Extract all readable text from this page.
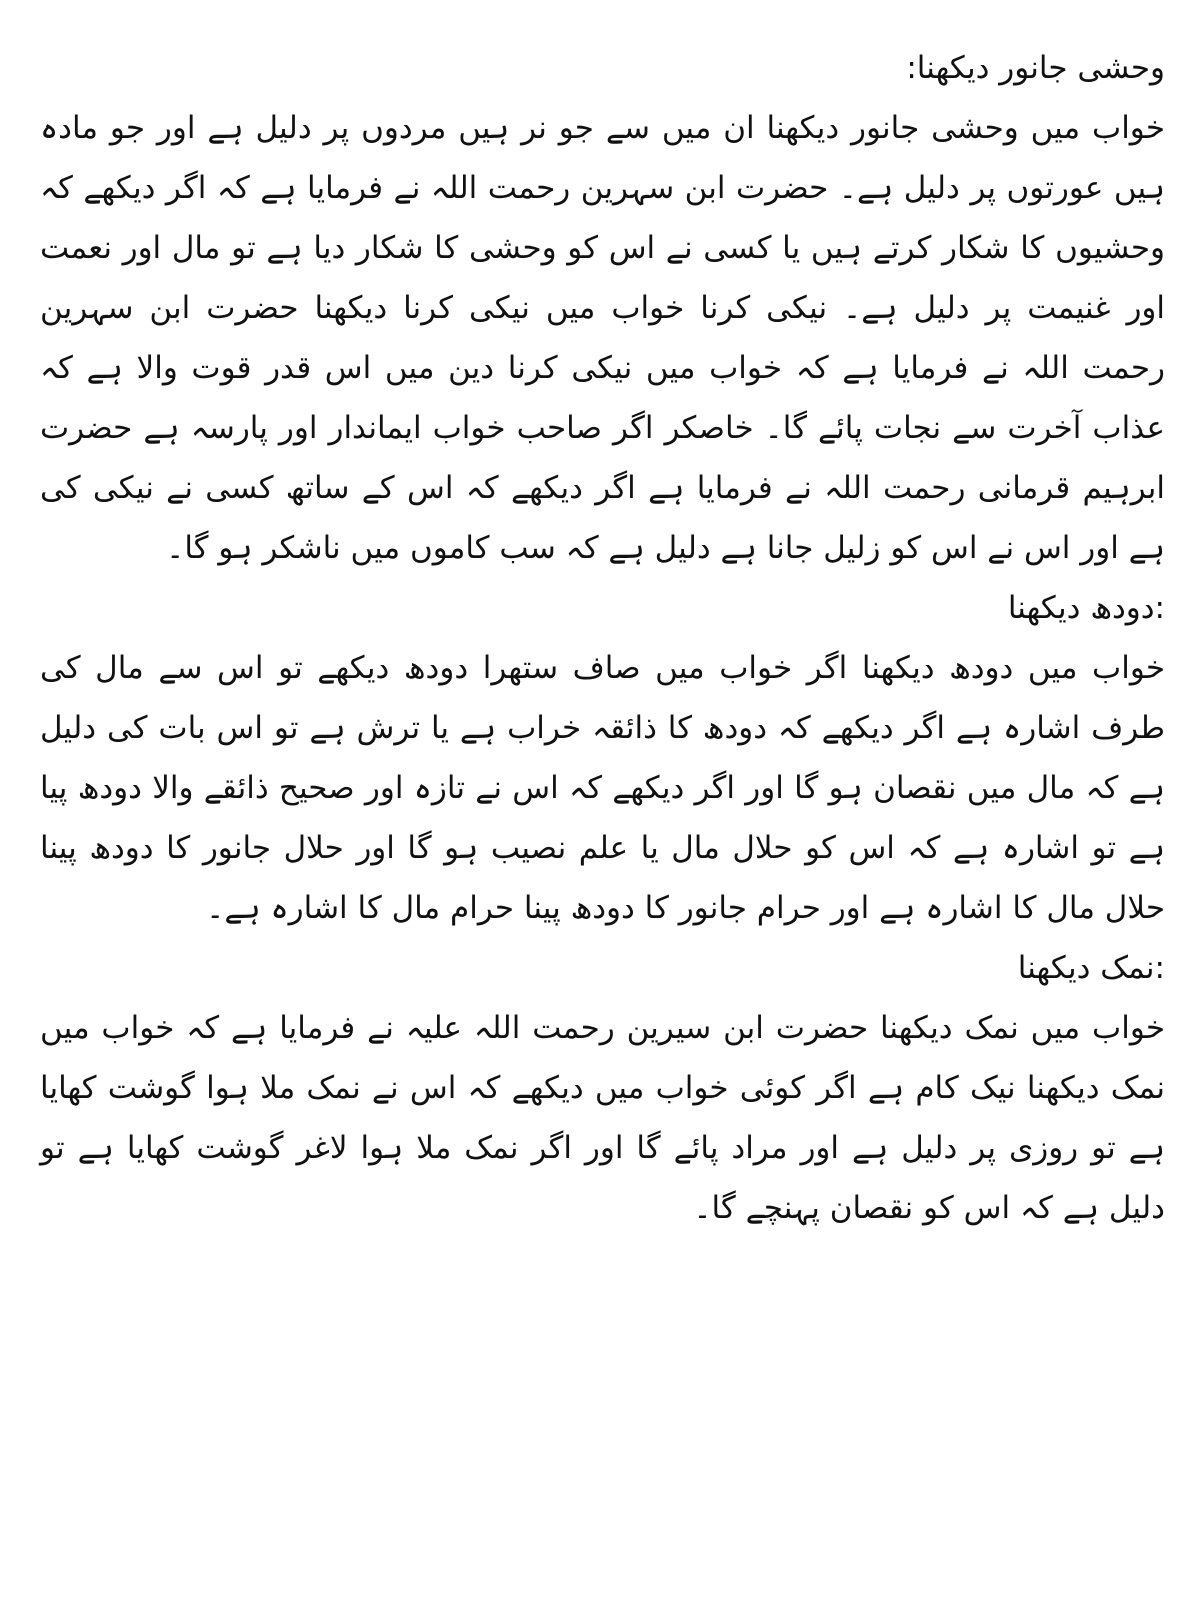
وحشی جانور دیکھنا:

خواب میں وحشی جانور دیکھنا ان میں سے جو نر ہیں مردوں پر دلیل ہے اور جو مادہ ہیں عورتوں پر دلیل ہے۔ حضرت ابن سہرین رحمت اللہ نے فرمایا ہے کہ اگر دیکھے کہ وحشیوں کا شکار کرتے ہیں یا کسی نے اس کو وحشی کا شکار دیا ہے تو مال اور نعمت اور غنیمت پر دلیل ہے۔ نیکی کرنا خواب میں نیکی کرنا دیکھنا حضرت ابن سہرین رحمت اللہ نے فرمایا ہے کہ خواب میں نیکی کرنا دین میں اس قدر قوت والا ہے کہ عذاب آخرت سے نجات پائے گا۔ خاصکر اگر صاحب خواب ایماندار اور پارسہ ہے حضرت ابرہیم قرمانی رحمت اللہ نے فرمایا ہے اگر دیکھے کہ اس کے ساتھ کسی نے نیکی کی ہے اور اس نے اس کو زلیل جانا ہے دلیل ہے کہ سب کاموں میں ناشکر ہو گا۔

:دودھ دیکھنا

خواب میں دودھ دیکھنا اگر خواب میں صاف ستھرا دودھ دیکھے تو اس سے مال کی طرف اشارہ ہے اگر دیکھے کہ دودھ کا ذائقہ خراب ہے یا ترش ہے تو اس بات کی دلیل ہے کہ مال میں نقصان ہو گا اور اگر دیکھے کہ اس نے تازہ اور صحیح ذائقے والا دودھ پیا ہے تو اشارہ ہے کہ اس کو حلال مال یا علم نصیب ہو گا اور حلال جانور کا دودھ پینا حلال مال کا اشارہ ہے اور حرام جانور کا دودھ پینا حرام مال کا اشارہ ہے۔

:نمک دیکھنا

خواب میں نمک دیکھنا حضرت ابن سیرین رحمت اللہ علیہ نے فرمایا ہے کہ خواب میں نمک دیکھنا نیک کام ہے اگر کوئی خواب میں دیکھے کہ اس نے نمک ملا ہوا گوشت کھایا ہے تو روزی پر دلیل ہے اور مراد پائے گا اور اگر نمک ملا ہوا لاغر گوشت کھایا ہے تو دلیل ہے کہ اس کو نقصان پہنچے گا۔
